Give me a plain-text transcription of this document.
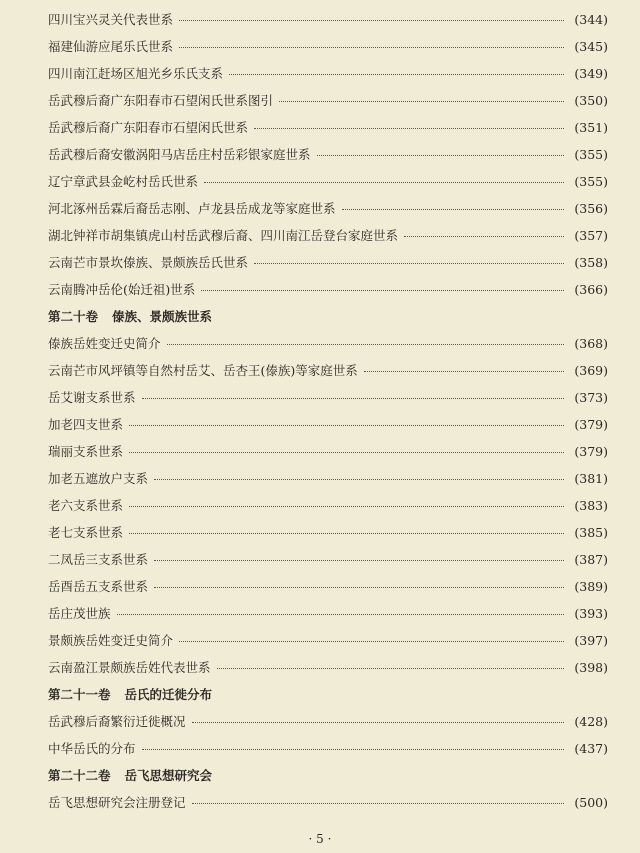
四川宝兴灵关代表世系	(344)
福建仙游应尾乐氏世系	(345)
四川南江赶场区旭光乡乐氏支系	(349)
岳武穆后裔广东阳春市石望闲氏世系图引	(350)
岳武穆后裔广东阳春市石望闲氏世系	(351)
岳武穆后裔安徽涡阳马店岳庄村岳彩银家庭世系	(355)
辽宁章武县金屹村岳氏世系	(355)
河北涿州岳霖后裔岳志刚、卢龙县岳成龙等家庭世系	(356)
湖北钟祥市胡集镇虎山村岳武穆后裔、四川南江岳登台家庭世系	(357)
云南芒市景坎傣族、景颇族岳氏世系	(358)
云南腾冲岳伦(始迁祖)世系	(366)
第二十卷 傣族、景颇族世系
傣族岳姓变迁史简介	(368)
云南芒市风坪镇等自然村岳艾、岳杏王(傣族)等家庭世系	(369)
岳艾谢支系世系	(373)
加老四支世系	(379)
瑞丽支系世系	(379)
加老五遮放户支系	(381)
老六支系世系	(383)
老七支系世系	(385)
二凤岳三支系世系	(387)
岳酉岳五支系世系	(389)
岳庄茂世族	(393)
景颇族岳姓变迁史简介	(397)
云南盈江景颇族岳姓代表世系	(398)
第二十一卷 岳氏的迁徙分布
岳武穆后裔繁衍迁徙概况	(428)
中华岳氏的分布	(437)
第二十二卷 岳飞思想研究会
岳飞思想研究会注册登记	(500)
· 5 ·
